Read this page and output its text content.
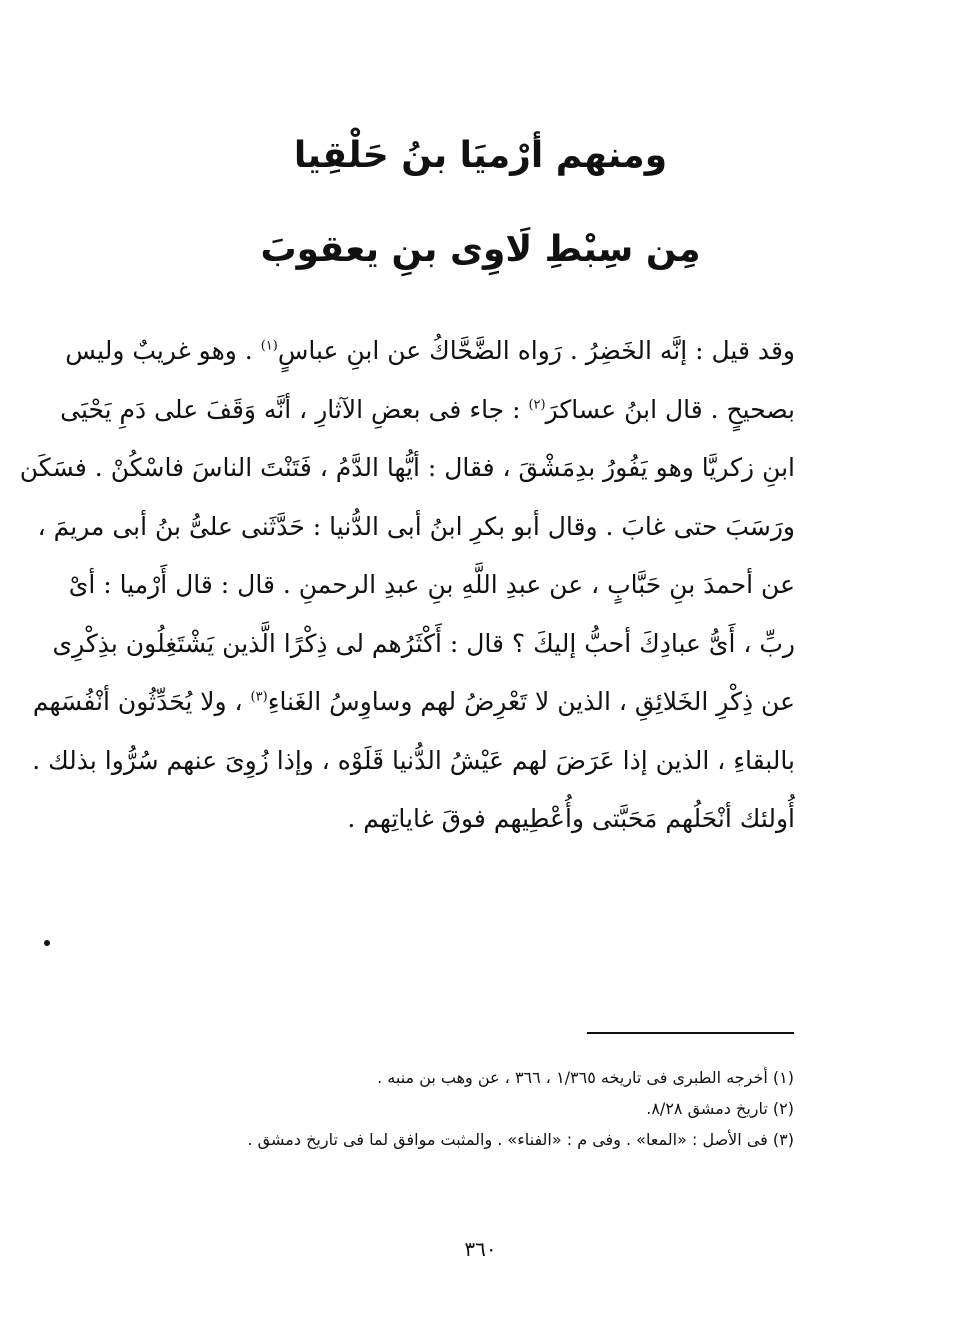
ومنهم أرْميَا بنُ حَلْقِيا
مِن سِبْطِ لَاوِى بنِ يعقوبَ
وقد قيل : إنَّه الخَضِرُ . رَواه الضَّحَّاكُ عن ابنِ عباسٍ$^{(١)}$ . وهو غريبٌ وليس
بصحيحٍ . قال ابنُ عساكرَ$^{(٢)}$ : جاء فى بعضِ الآثارِ ، أنَّه وَقَفَ على دَمِ يَحْيَى
ابنِ زكريَّا وهو يَفُورُ بدِمَشْقَ ، فقال : أيُّها الدَّمُ ، فَتَنْتَ الناسَ فاسْكُنْ . فسَكَن
ورَسَبَ حتى غابَ . وقال أبو بكرِ ابنُ أبى الدُّنيا : حَدَّثَنى علىُّ بنُ أبى مريمَ ،
عن أحمدَ بنِ حَبَّابٍ ، عن عبدِ اللَّهِ بنِ عبدِ الرحمنِ . قال : قال أَرْميا : أىْ
ربِّ ، أَىُّ عبادِكَ أحبُّ إليكَ ؟ قال : أَكْثَرُهم لى ذِكْرًا الَّذين يَشْتَغِلُون بذِكْرِى
عن ذِكْرِ الخَلائِقِ ، الذين لا تَعْرِضُ لهم وساوِسُ الغَناءِ$^{(٣)}$ ، ولا يُحَدِّثُون أنْفُسَهم
بالبقاءِ ، الذين إذا عَرَضَ لهم عَيْشُ الدُّنيا قَلَوْه ، وإذا زُوِىَ عنهم سُرُّوا بذلك .
أُولئك أنْحَلُهم مَحَبَّتى وأُعْطِيهم فوقَ غاياتِهم .
(١) أخرجه الطبرى فى تاريخه ١/٣٦٥ ، ٣٦٦ ، عن وهب بن منبه .
(٢) تاريخ دمشق ٨/٢٨.
(٣) فى الأصل : «المعا» . وفى م : «الفناء» . والمثبت موافق لما فى تاريخ دمشق .
٣٦٠
